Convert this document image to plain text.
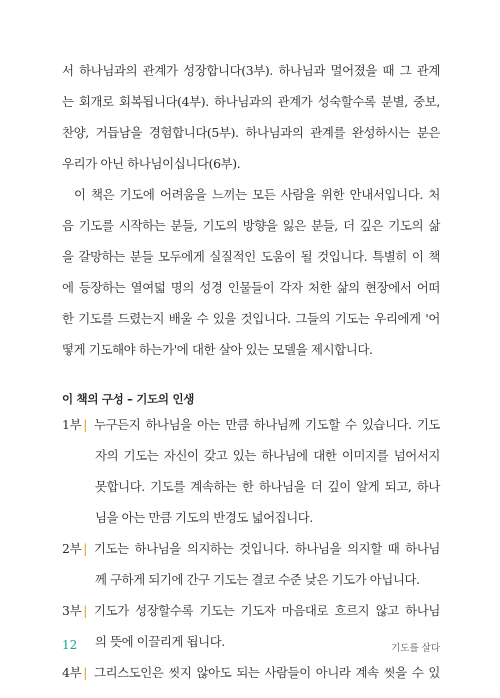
서 하나님과의 관계가 성장합니다(3부). 하나님과 멀어졌을 때 그 관계
는 회개로 회복됩니다(4부). 하나님과의 관계가 성숙할수록 분별, 중보,
찬양, 거듭남을 경험합니다(5부). 하나님과의 관계를 완성하시는 분은
우리가 아닌 하나님이십니다(6부).
이 책은 기도에 어려움을 느끼는 모든 사람을 위한 안내서입니다. 처
음 기도를 시작하는 분들, 기도의 방향을 잃은 분들, 더 깊은 기도의 삶
을 갈망하는 분들 모두에게 실질적인 도움이 될 것입니다. 특별히 이 책
에 등장하는 열여덟 명의 성경 인물들이 각자 처한 삶의 현장에서 어떠
한 기도를 드렸는지 배울 수 있을 것입니다. 그들의 기도는 우리에게 '어
떻게 기도해야 하는가'에 대한 살아 있는 모델을 제시합니다.
이 책의 구성 – 기도의 인생
1부 | 누구든지 하나님을 아는 만큼 하나님께 기도할 수 있습니다. 기도
자의 기도는 자신이 갖고 있는 하나님에 대한 이미지를 넘어서지
못합니다. 기도를 계속하는 한 하나님을 더 깊이 알게 되고, 하나
님을 아는 만큼 기도의 반경도 넓어집니다.
2부 | 기도는 하나님을 의지하는 것입니다. 하나님을 의지할 때 하나님
께 구하게 되기에 간구 기도는 결코 수준 낮은 기도가 아닙니다.
3부 | 기도가 성장할수록 기도는 기도자 마음대로 흐르지 않고 하나님
의 뜻에 이끌리게 됩니다.
4부 | 그리스도인은 씻지 않아도 되는 사람들이 아니라 계속 씻을 수 있
12	기도를 살다
